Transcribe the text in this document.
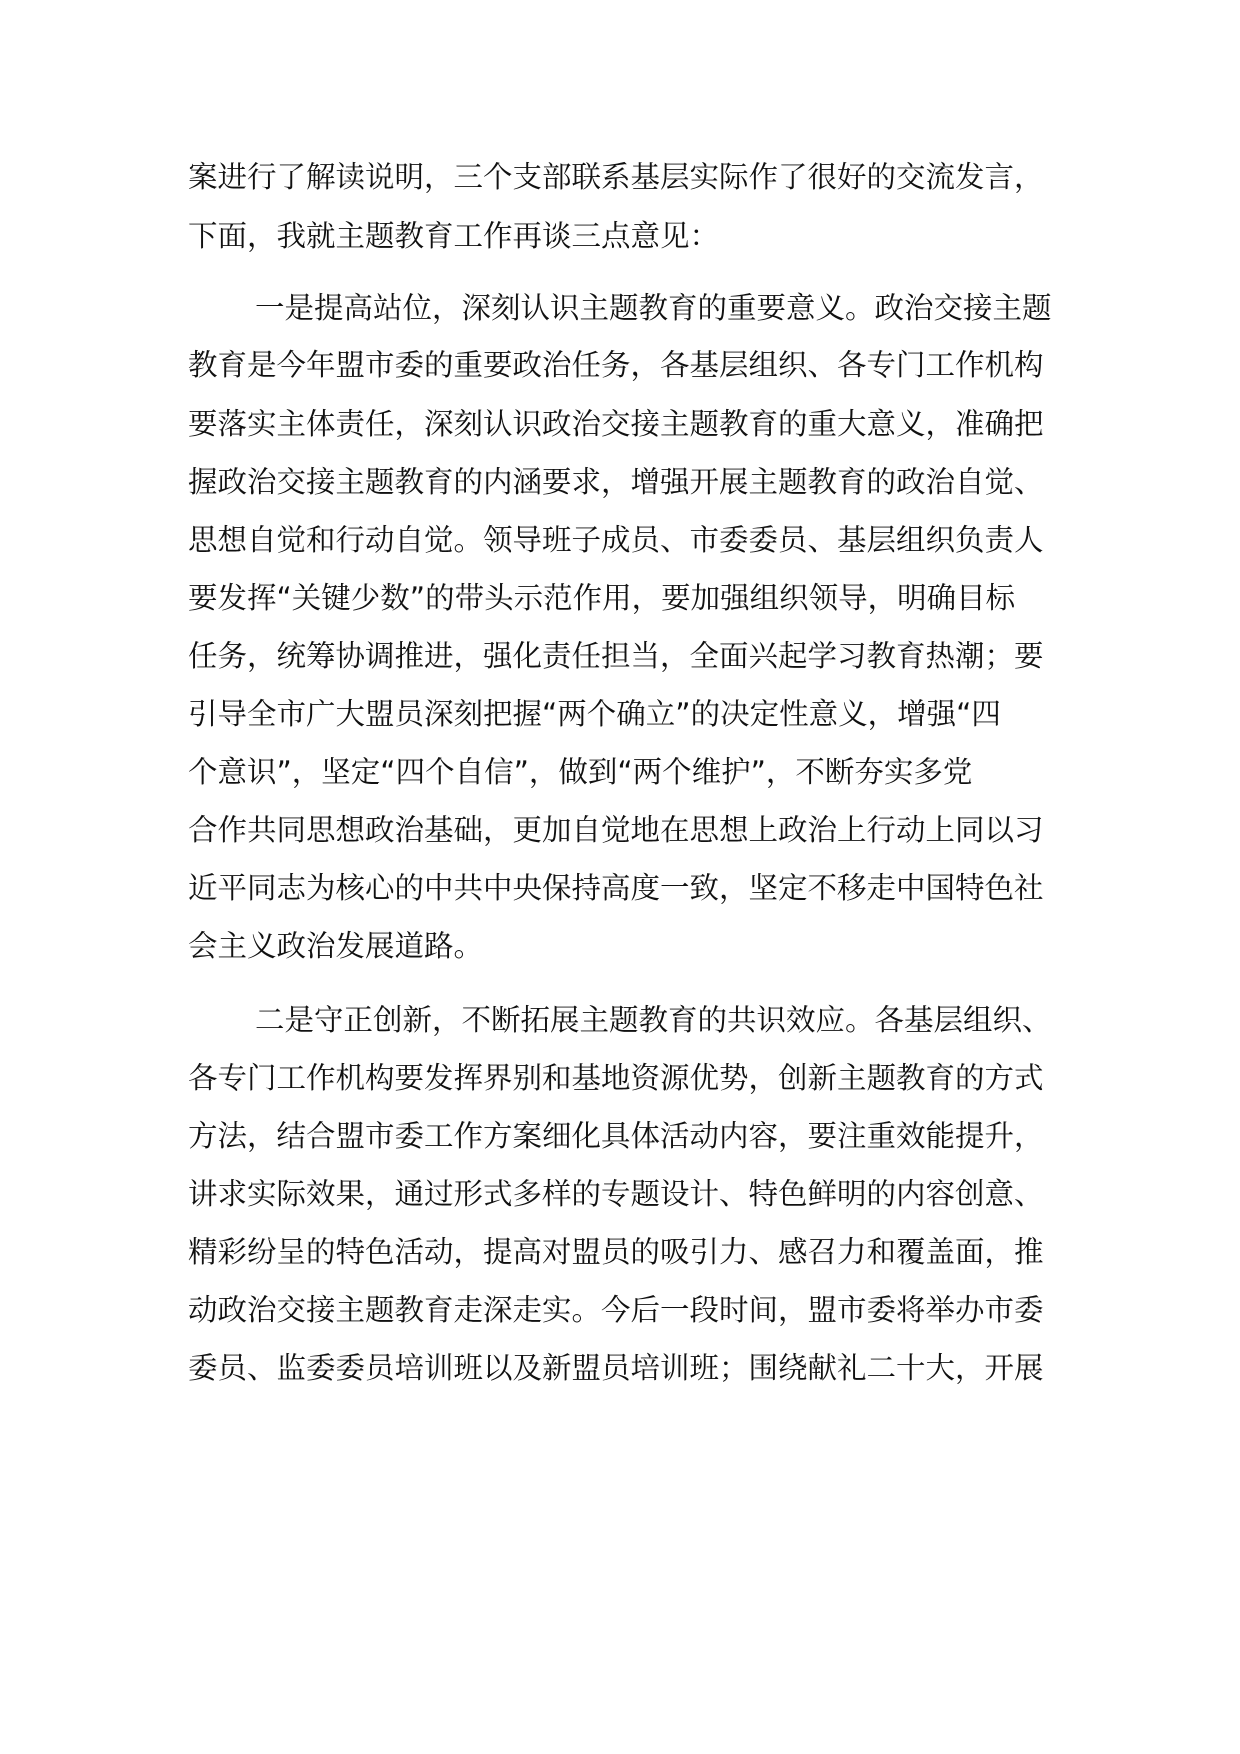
案进行了解读说明，三个支部联系基层实际作了很好的交流发言，
下面，我就主题教育工作再谈三点意见：
一是提高站位，深刻认识主题教育的重要意义。政治交接主题
教育是今年盟市委的重要政治任务，各基层组织、各专门工作机构
要落实主体责任，深刻认识政治交接主题教育的重大意义，准确把
握政治交接主题教育的内涵要求，增强开展主题教育的政治自觉、
思想自觉和行动自觉。领导班子成员、市委委员、基层组织负责人
要发挥“关键少数”的带头示范作用，要加强组织领导，明确目标
任务，统筹协调推进，强化责任担当，全面兴起学习教育热潮；要
引导全市广大盟员深刻把握“两个确立”的决定性意义，增强“四
个意识”，坚定“四个自信”，做到“两个维护”，不断夯实多党
合作共同思想政治基础，更加自觉地在思想上政治上行动上同以习
近平同志为核心的中共中央保持高度一致，坚定不移走中国特色社
会主义政治发展道路。
二是守正创新，不断拓展主题教育的共识效应。各基层组织、
各专门工作机构要发挥界别和基地资源优势，创新主题教育的方式
方法，结合盟市委工作方案细化具体活动内容，要注重效能提升，
讲求实际效果，通过形式多样的专题设计、特色鲜明的内容创意、
精彩纷呈的特色活动，提高对盟员的吸引力、感召力和覆盖面，推
动政治交接主题教育走深走实。今后一段时间，盟市委将举办市委
委员、监委委员培训班以及新盟员培训班；围绕献礼二十大，开展
